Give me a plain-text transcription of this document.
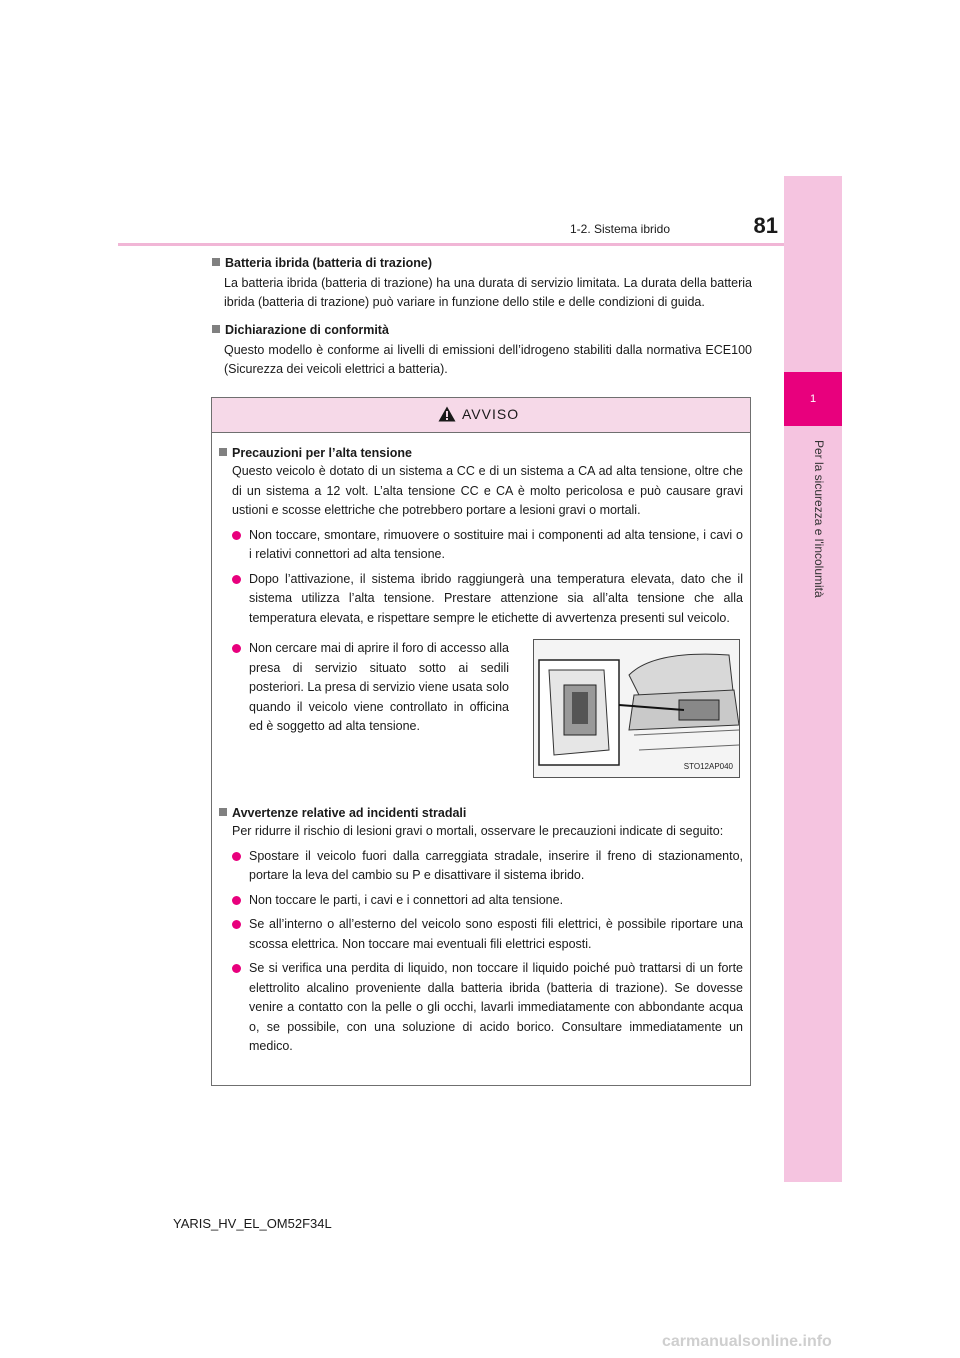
1
Per la sicurezza e l'incolumità
1-2. Sistema ibrido	81
Batteria ibrida (batteria di trazione)
La batteria ibrida (batteria di trazione) ha una durata di servizio limitata. La durata della batteria ibrida (batteria di trazione) può variare in funzione dello stile e delle condizioni di guida.
Dichiarazione di conformità
Questo modello è conforme ai livelli di emissioni dell’idrogeno stabiliti dalla normativa ECE100 (Sicurezza dei veicoli elettrici a batteria).
AVVISO
Precauzioni per l’alta tensione
Questo veicolo è dotato di un sistema a CC e di un sistema a CA ad alta tensione, oltre che di un sistema a 12 volt. L’alta tensione CC e CA è molto pericolosa e può causare gravi ustioni e scosse elettriche che potrebbero portare a lesioni gravi o mortali.
Non toccare, smontare, rimuovere o sostituire mai i componenti ad alta tensione, i cavi o i relativi connettori ad alta tensione.
Dopo l’attivazione, il sistema ibrido raggiungerà una temperatura elevata, dato che il sistema utilizza l’alta tensione. Prestare attenzione sia all’alta tensione che alla temperatura elevata, e rispettare sempre le etichette di avvertenza presenti sul veicolo.
Non cercare mai di aprire il foro di accesso alla presa di servizio situato sotto ai sedili posteriori. La presa di servizio viene usata solo quando il veicolo viene controllato in officina ed è soggetto ad alta tensione.
STO12AP040
Avvertenze relative ad incidenti stradali
Per ridurre il rischio di lesioni gravi o mortali, osservare le precauzioni indicate di seguito:
Spostare il veicolo fuori dalla carreggiata stradale, inserire il freno di stazionamento, portare la leva del cambio su P e disattivare il sistema ibrido.
Non toccare le parti, i cavi e i connettori ad alta tensione.
Se all’interno o all’esterno del veicolo sono esposti fili elettrici, è possibile riportare una scossa elettrica. Non toccare mai eventuali fili elettrici esposti.
Se si verifica una perdita di liquido, non toccare il liquido poiché può trattarsi di un forte elettrolito alcalino proveniente dalla batteria ibrida (batteria di trazione). Se dovesse venire a contatto con la pelle o gli occhi, lavarli immediatamente con abbondante acqua o, se possibile, con una soluzione di acido borico. Consultare immediatamente un medico.
YARIS_HV_EL_OM52F34L
carmanualsonline.info
